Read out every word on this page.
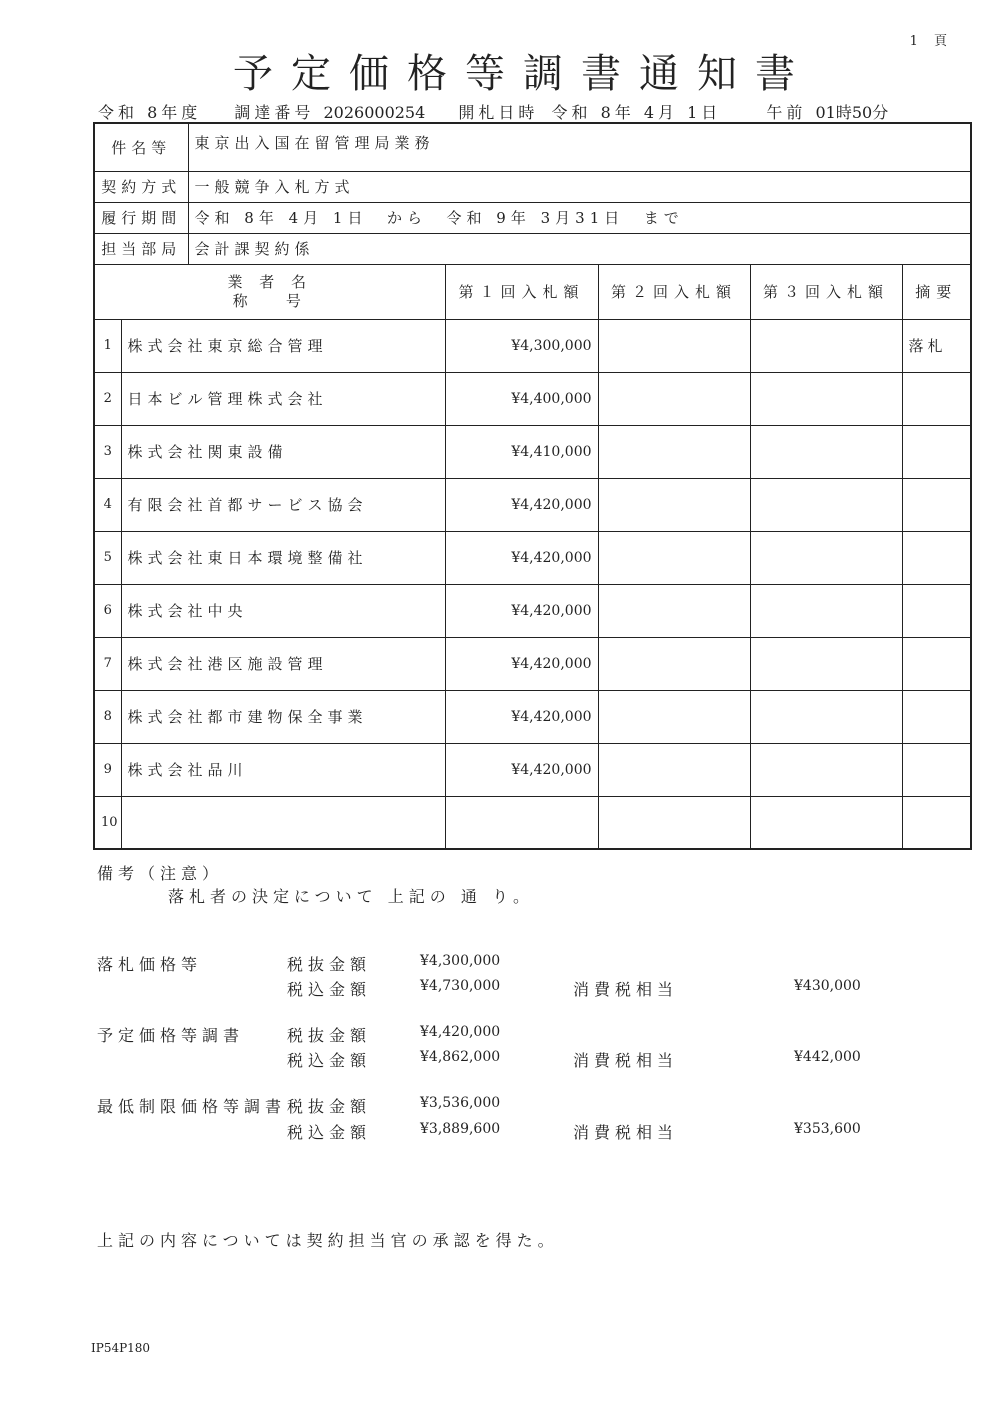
1 頁
予定価格等調書通知書
令和 8年度 調達番号 2026000254 開札日時 令和 8年 4月 1日	午前 01時50分
件名等		東京出入国在留管理局業務				
契約方式		一般競争入札方式				
履行期間		令和 8年 4月 1日  から  令和 9年 3月31日  まで				
担当部局		会計課契約係				

業 者 名
称   号			第１回入札額	第２回入札額	第３回入札額	摘要
1	株式会社東京総合管理		¥4,300,000			落札
2	日本ビル管理株式会社		¥4,400,000			
3	株式会社関東設備		¥4,410,000			
4	有限会社首都サービス協会		¥4,420,000			
5	株式会社東日本環境整備社		¥4,420,000			
6	株式会社中央		¥4,420,000			
7	株式会社港区施設管理		¥4,420,000			
8	株式会社都市建物保全事業		¥4,420,000			
9	株式会社品川		¥4,420,000			
10						
備考（注意）
落札者の決定について 上記の 通 り。
落札価格等	税抜金額	¥4,300,000
税込金額	¥4,730,000	消費税相当	¥430,000
予定価格等調書	税抜金額	¥4,420,000
税込金額	¥4,862,000	消費税相当	¥442,000
最低制限価格等調書 税抜金額	¥3,536,000
税込金額	¥3,889,600	消費税相当	¥353,600
上記の内容については契約担当官の承認を得た。
IP54P180
